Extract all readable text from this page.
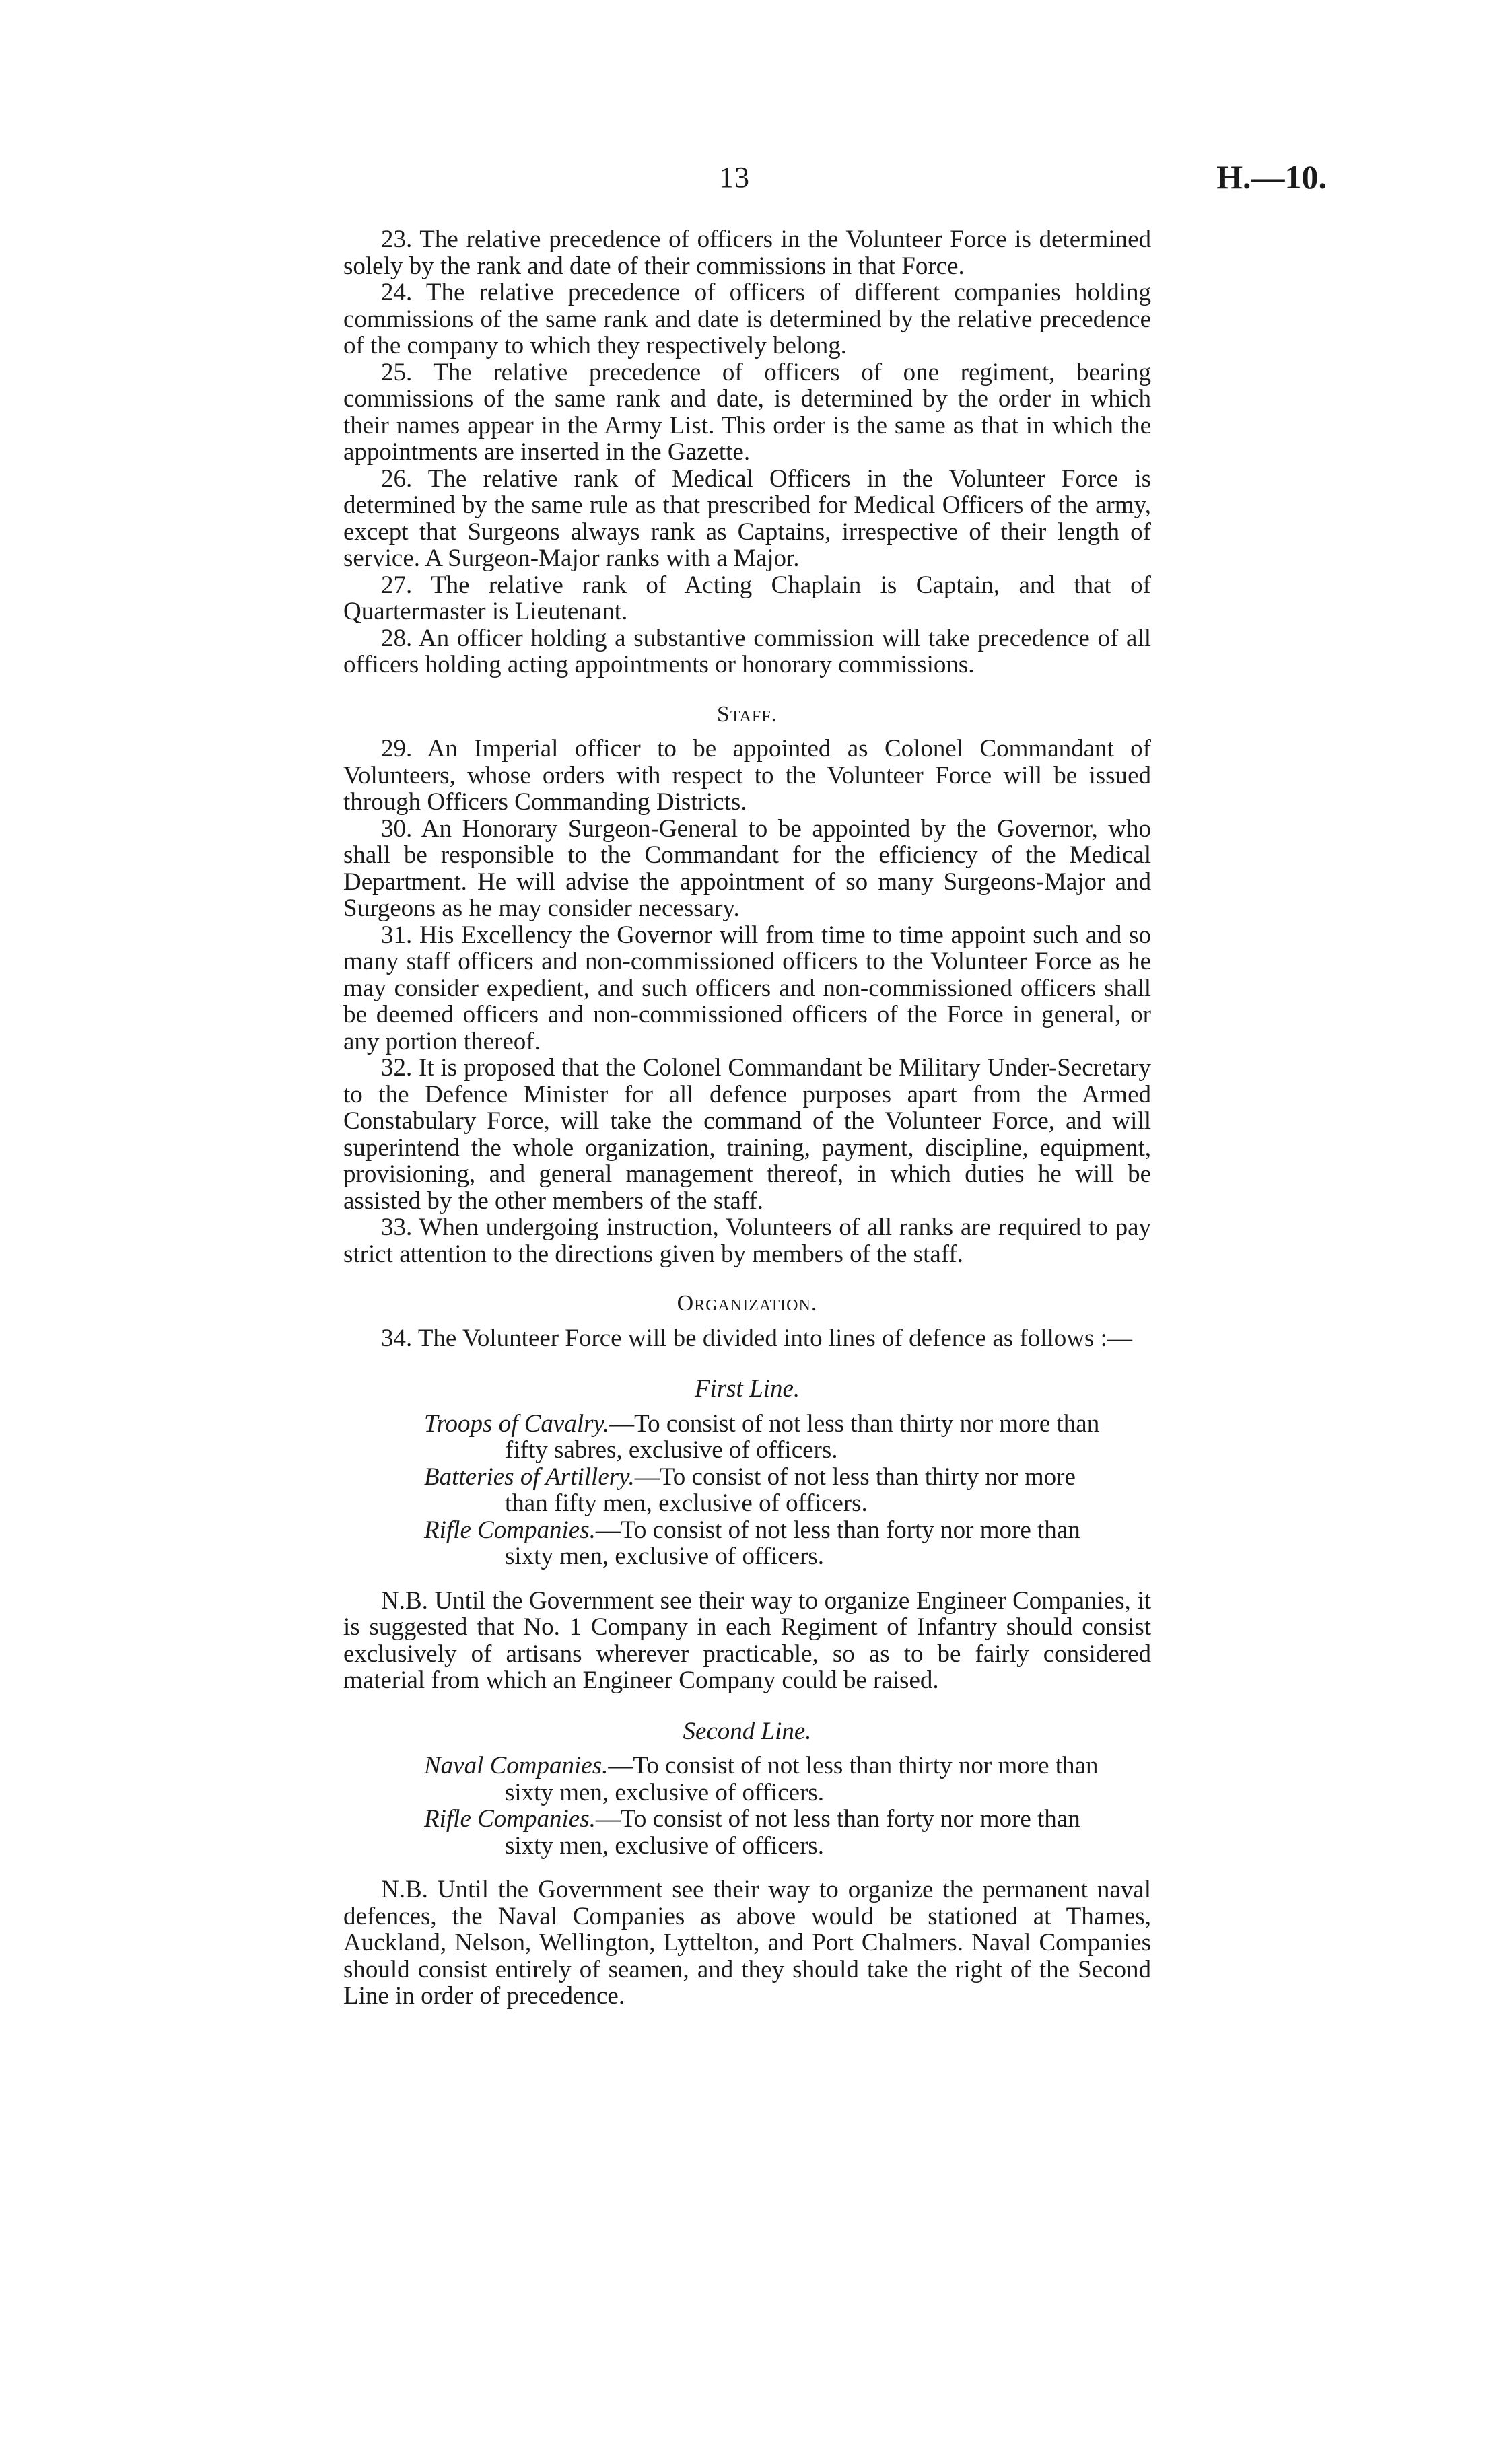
13	H.—10.

23. The relative precedence of officers in the Volunteer Force is determined solely by the rank and date of their commissions in that Force.

24. The relative precedence of officers of different companies holding commissions of the same rank and date is determined by the relative precedence of the company to which they respectively belong.

25. The relative precedence of officers of one regiment, bearing commissions of the same rank and date, is determined by the order in which their names appear in the Army List. This order is the same as that in which the appointments are inserted in the Gazette.

26. The relative rank of Medical Officers in the Volunteer Force is determined by the same rule as that prescribed for Medical Officers of the army, except that Surgeons always rank as Captains, irrespective of their length of service. A Surgeon-Major ranks with a Major.

27. The relative rank of Acting Chaplain is Captain, and that of Quartermaster is Lieutenant.

28. An officer holding a substantive commission will take precedence of all officers holding acting appointments or honorary commissions.

Staff.

29. An Imperial officer to be appointed as Colonel Commandant of Volunteers, whose orders with respect to the Volunteer Force will be issued through Officers Commanding Districts.

30. An Honorary Surgeon-General to be appointed by the Governor, who shall be responsible to the Commandant for the efficiency of the Medical Department. He will advise the appointment of so many Surgeons-Major and Surgeons as he may consider necessary.

31. His Excellency the Governor will from time to time appoint such and so many staff officers and non-commissioned officers to the Volunteer Force as he may consider expedient, and such officers and non-commissioned officers shall be deemed officers and non-commissioned officers of the Force in general, or any portion thereof.

32. It is proposed that the Colonel Commandant be Military Under-Secretary to the Defence Minister for all defence purposes apart from the Armed Constabulary Force, will take the command of the Volunteer Force, and will superintend the whole organization, training, payment, discipline, equipment, provisioning, and general management thereof, in which duties he will be assisted by the other members of the staff.

33. When undergoing instruction, Volunteers of all ranks are required to pay strict attention to the directions given by members of the staff.

Organization.

34. The Volunteer Force will be divided into lines of defence as follows :—

First Line.

Troops of Cavalry.—To consist of not less than thirty nor more than
fifty sabres, exclusive of officers.

Batteries of Artillery.—To consist of not less than thirty nor more
than fifty men, exclusive of officers.

Rifle Companies.—To consist of not less than forty nor more than
sixty men, exclusive of officers.

N.B. Until the Government see their way to organize Engineer Companies, it is suggested that No. 1 Company in each Regiment of Infantry should consist exclusively of artisans wherever practicable, so as to be fairly considered material from which an Engineer Company could be raised.

Second Line.

Naval Companies.—To consist of not less than thirty nor more than
sixty men, exclusive of officers.

Rifle Companies.—To consist of not less than forty nor more than
sixty men, exclusive of officers.

N.B. Until the Government see their way to organize the permanent naval defences, the Naval Companies as above would be stationed at Thames, Auckland, Nelson, Wellington, Lyttelton, and Port Chalmers. Naval Companies should consist entirely of seamen, and they should take the right of the Second Line in order of precedence.
